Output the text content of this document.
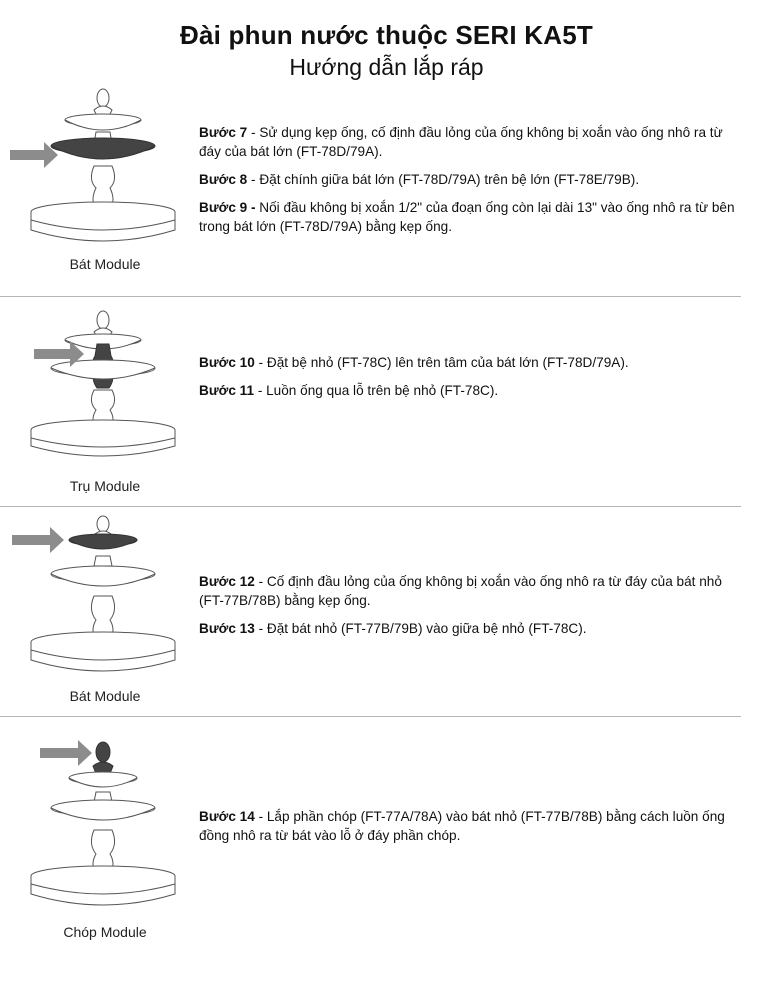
Đài phun nước thuộc SERI KA5T
Hướng dẫn lắp ráp
Bát Module
Bước 7 - Sử dụng kẹp ống, cố định đầu lỏng của ống không bị xoắn vào ống nhô ra từ đáy của bát lớn (FT-78D/79A).
Bước 8 - Đặt chính giữa bát lớn (FT-78D/79A) trên bệ lớn (FT-78E/79B).
Bước 9 - Nối đầu không bị xoắn 1/2" của đoạn ống còn lại dài 13" vào ống nhô ra từ bên trong bát lớn (FT-78D/79A) bằng kẹp ống.
Trụ Module
Bước 10 - Đặt bệ nhỏ (FT-78C) lên trên tâm của bát lớn (FT-78D/79A).
Bước 11 - Luồn ống qua lỗ trên bệ nhỏ (FT-78C).
Bát Module
Bước 12 - Cố định đầu lỏng của ống không bị xoắn vào ống nhô ra từ đáy của bát nhỏ (FT-77B/78B) bằng kẹp ống.
Bước 13 - Đặt bát nhỏ (FT-77B/79B) vào giữa bệ nhỏ (FT-78C).
Chóp Module
Bước 14 - Lắp phần chóp (FT-77A/78A) vào bát nhỏ (FT-77B/78B) bằng cách luồn ống đồng nhô ra từ bát vào lỗ ở đáy phần chóp.
